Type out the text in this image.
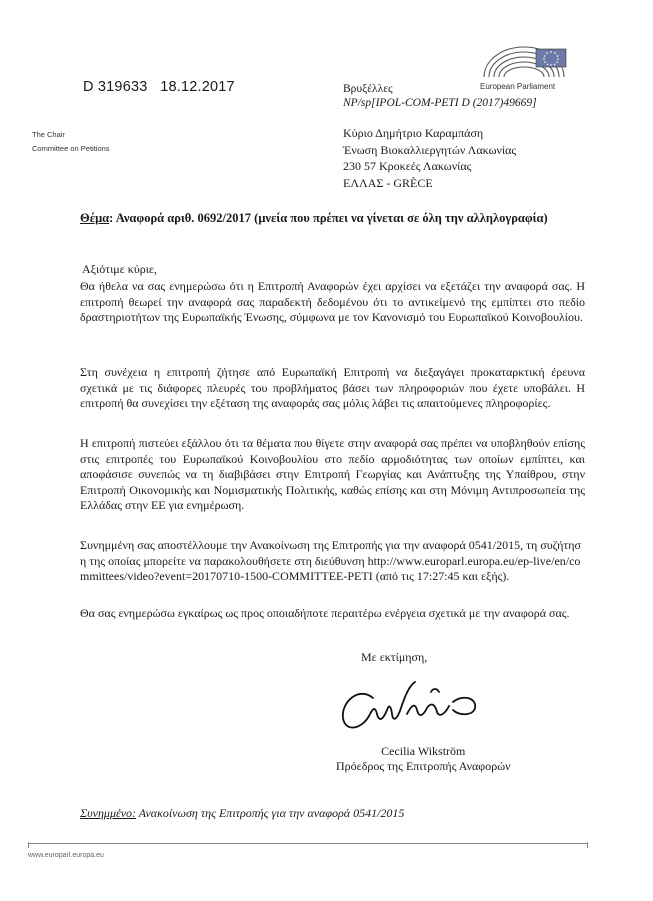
European Parliament
D 319633 18.12.2017
The Chair
Committee on Petitions
Βρυξέλλες
NP/sp[IPOL-COM-PETI D (2017)49669]
Κύριο Δημήτριο Καραμπάση
Ένωση Βιοκαλλιεργητών Λακωνίας
230 57 Κροκεές Λακωνίας
ΕΛΛΑΣ - GRÈCE
Θέμα: Αναφορά αριθ. 0692/2017 (μνεία που πρέπει να γίνεται σε όλη την αλληλογραφία)
Αξιότιμε κύριε,

Θα ήθελα να σας ενημερώσω ότι η Επιτροπή Αναφορών έχει αρχίσει να εξετάζει την αναφορά σας. Η επιτροπή θεωρεί την αναφορά σας παραδεκτή δεδομένου ότι το αντικείμενό της εμπίπτει στο πεδίο δραστηριοτήτων της Ευρωπαϊκής Ένωσης, σύμφωνα με τον Κανονισμό του Ευρωπαϊκού Κοινοβουλίου.

Στη συνέχεια η επιτροπή ζήτησε από Ευρωπαϊκή Επιτροπή να διεξαγάγει προκαταρκτική έρευνα σχετικά με τις διάφορες πλευρές του προβλήματος βάσει των πληροφοριών που έχετε υποβάλει. Η επιτροπή θα συνεχίσει την εξέταση της αναφοράς σας μόλις λάβει τις απαιτούμενες πληροφορίες.

Η επιτροπή πιστεύει εξάλλου ότι τα θέματα που θίγετε στην αναφορά σας πρέπει να υποβληθούν επίσης στις επιτροπές του Ευρωπαϊκού Κοινοβουλίου στο πεδίο αρμοδιότητας των οποίων εμπίπτει, και αποφάσισε συνεπώς να τη διαβιβάσει στην Επιτροπή Γεωργίας και Ανάπτυξης της Υπαίθρου, στην Επιτροπή Οικονομικής και Νομισματικής Πολιτικής, καθώς επίσης και στη Μόνιμη Αντιπροσωπεία της Ελλάδας στην ΕΕ για ενημέρωση.

Συνημμένη σας αποστέλλουμε την Ανακοίνωση της Επιτροπής για την αναφορά 0541/2015, τη συζήτηση της οποίας μπορείτε να παρακολουθήσετε στη διεύθυνση http://www.europarl.europa.eu/ep-live/en/committees/video?event=20170710-1500-COMMITTEE-PETI (από τις 17:27:45 και εξής).

Θα σας ενημερώσω εγκαίρως ως προς οποιαδήποτε περαιτέρω ενέργεια σχετικά με την αναφορά σας.

Με εκτίμηση,
Cecilia Wikström
Πρόεδρος της Επιτροπής Αναφορών
Συνημμένο: Ανακοίνωση της Επιτροπής για την αναφορά 0541/2015
www.europarl.europa.eu
